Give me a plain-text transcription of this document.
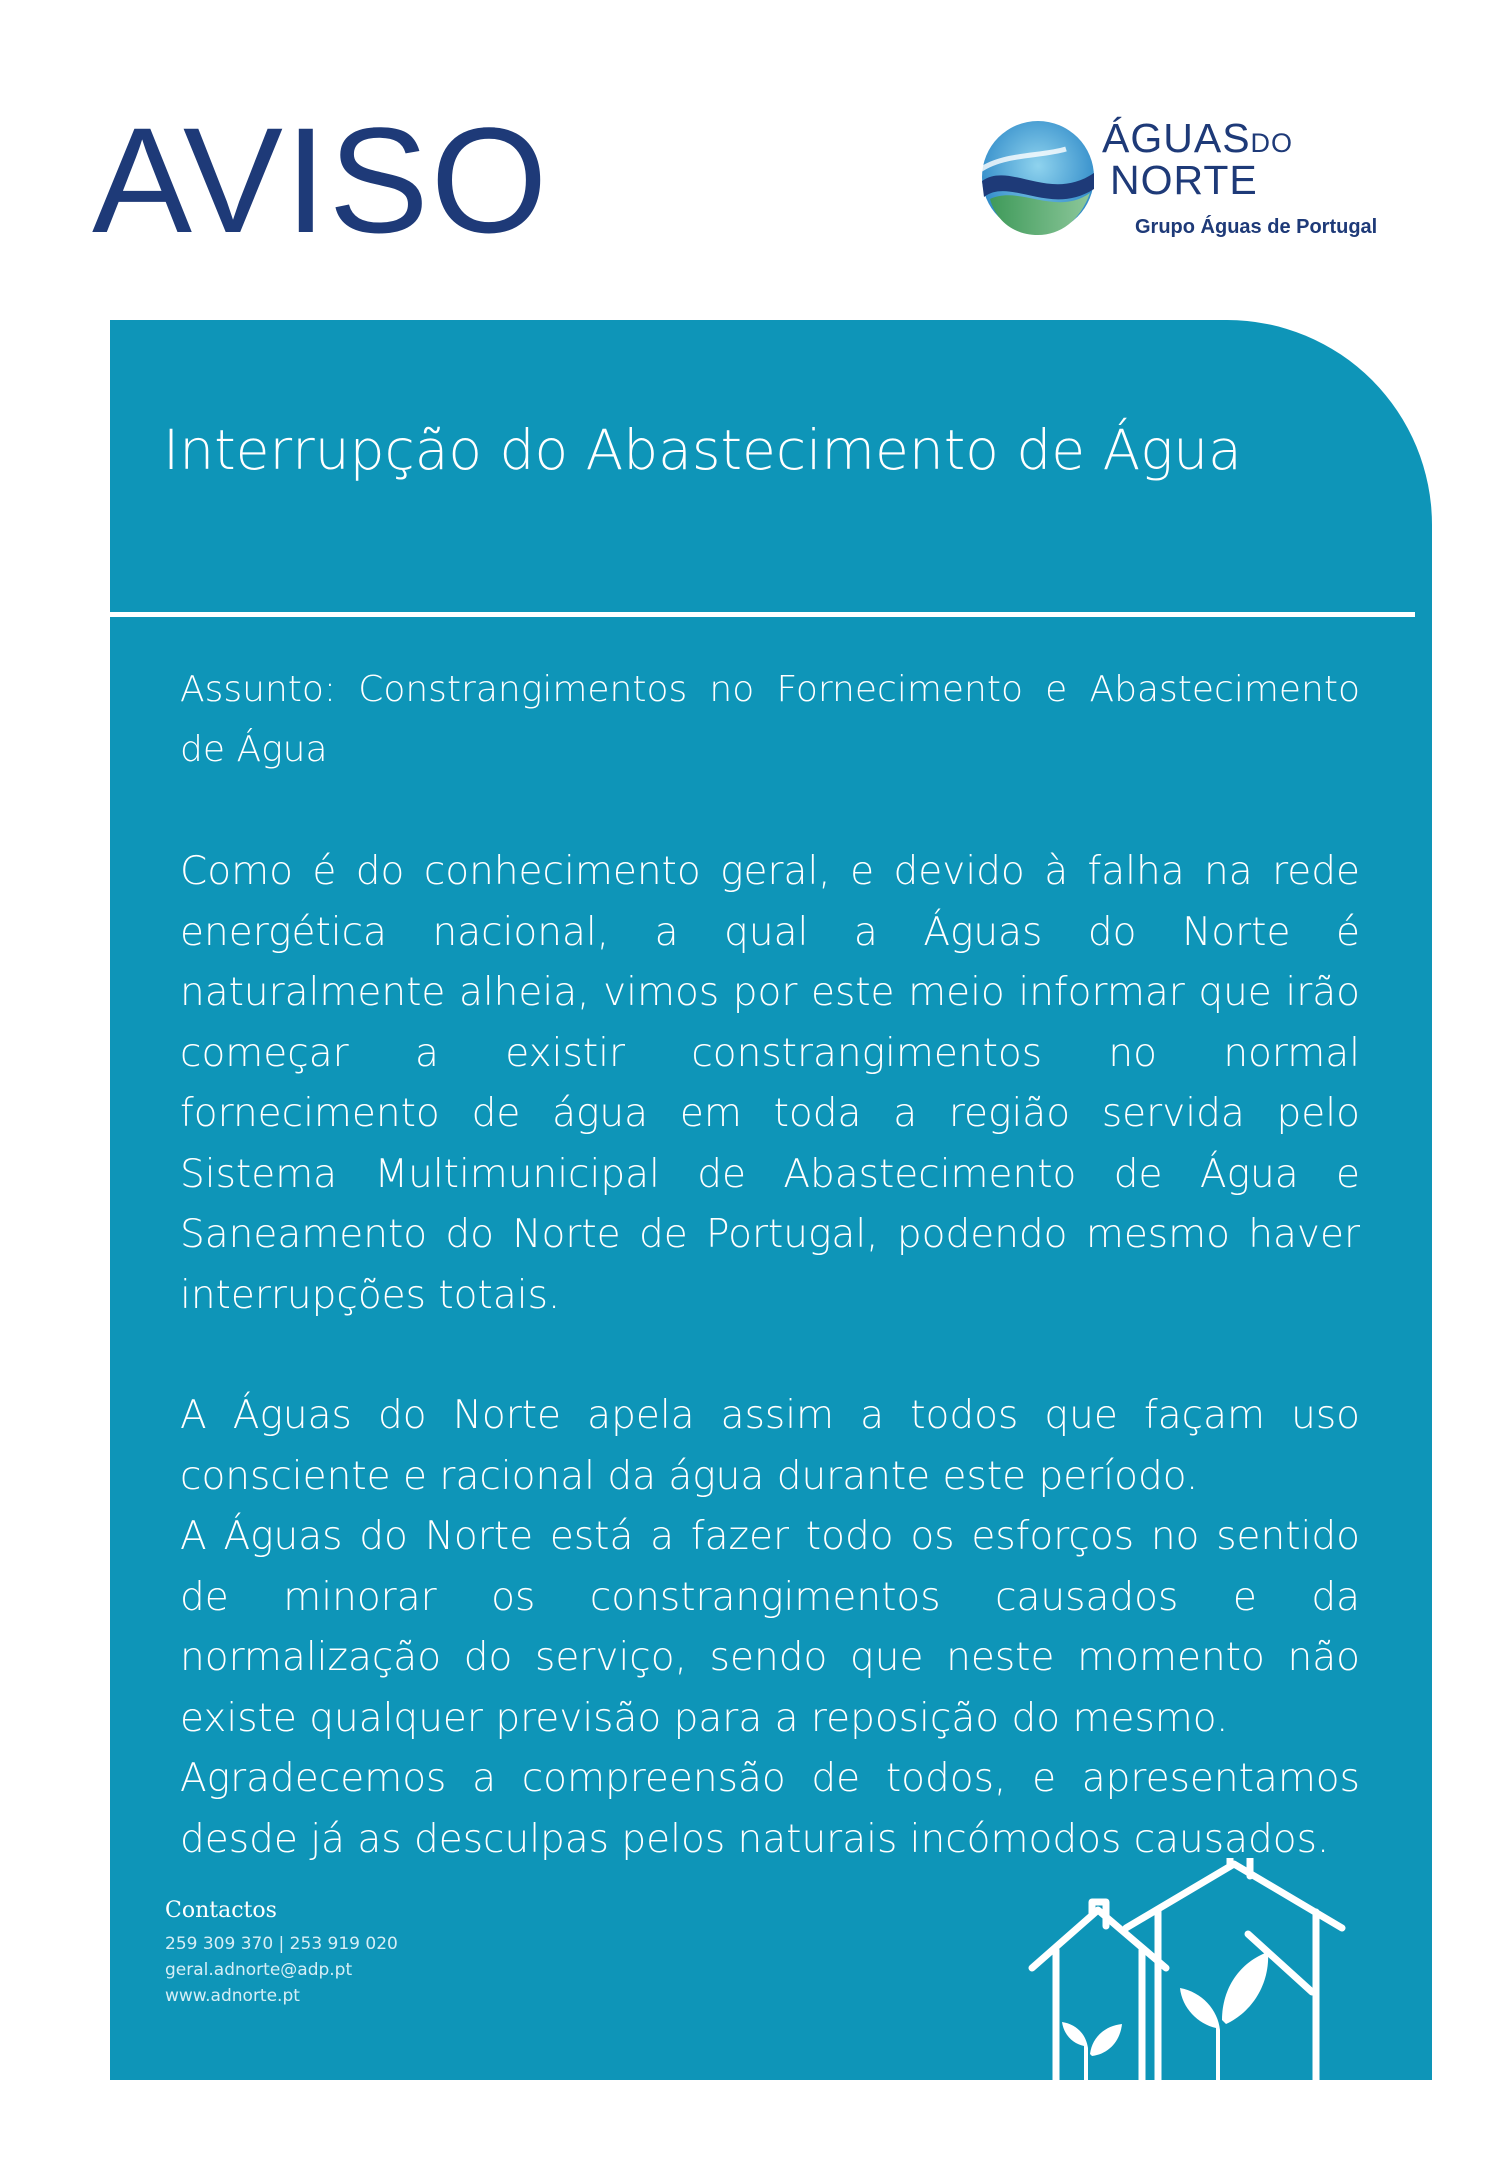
AVISO	ÁGUASDO
NORTE
Grupo Águas de Portugal
Interrupção do Abastecimento de Água

Assunto: Constrangimentos no Fornecimento e Abastecimento de Água

Como é do conhecimento geral, e devido à falha na rede energética nacional, a qual a Águas do Norte é naturalmente alheia, vimos por este meio informar que irão começar a existir constrangimentos no normal fornecimento de água em toda a região servida pelo Sistema Multimunicipal de Abastecimento de Água e Saneamento do Norte de Portugal, podendo mesmo haver interrupções totais.

A Águas do Norte apela assim a todos que façam uso consciente e racional da água durante este período.

A Águas do Norte está a fazer todo os esforços no sentido de minorar os constrangimentos causados e da normalização do serviço, sendo que neste momento não existe qualquer previsão para a reposição do mesmo.

Agradecemos a compreensão de todos, e apresentamos desde já as desculpas pelos naturais incómodos causados.

Contactos
259 309 370 | 253 919 020
geral.adnorte@adp.pt
www.adnorte.pt
